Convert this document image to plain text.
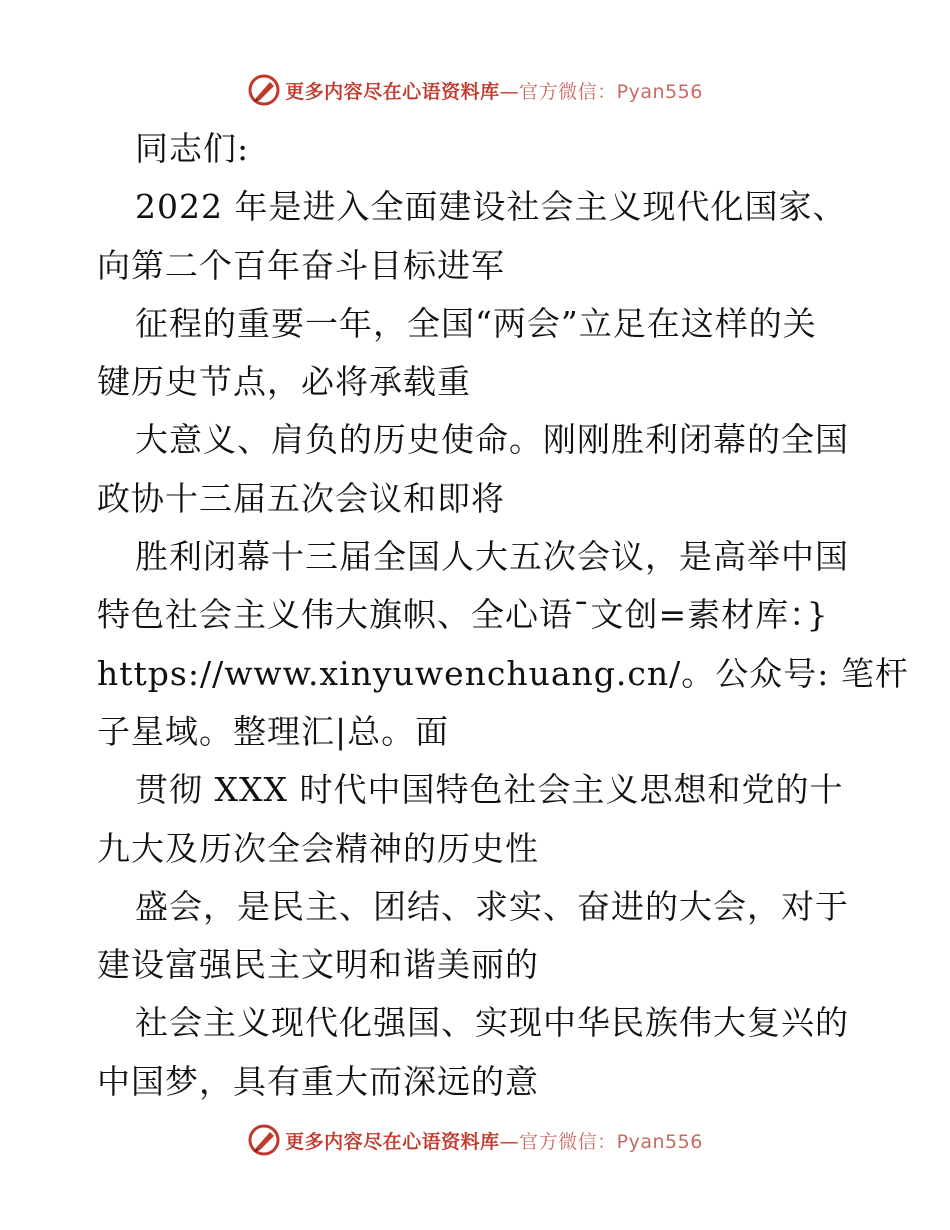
更多内容尽在心语资料库—官方微信：Pyan556
同志们:
2022 年是进入全面建设社会主义现代化国家、
向第二个百年奋斗目标进军
征程的重要一年，全国“两会”立足在这样的关
键历史节点，必将承载重
大意义、肩负的历史使命。刚刚胜利闭幕的全国
政协十三届五次会议和即将
胜利闭幕十三届全国人大五次会议，是高举中国
特色社会主义伟大旗帜、全心语¯文创=素材库：}
https://www.xinyuwenchuang.cn/。公众号: 笔杆
子星域。整理汇|总。面
贯彻 XXX 时代中国特色社会主义思想和党的十
九大及历次全会精神的历史性
盛会，是民主、团结、求实、奋进的大会，对于
建设富强民主文明和谐美丽的
社会主义现代化强国、实现中华民族伟大复兴的
中国梦，具有重大而深远的意
更多内容尽在心语资料库—官方微信：Pyan556
